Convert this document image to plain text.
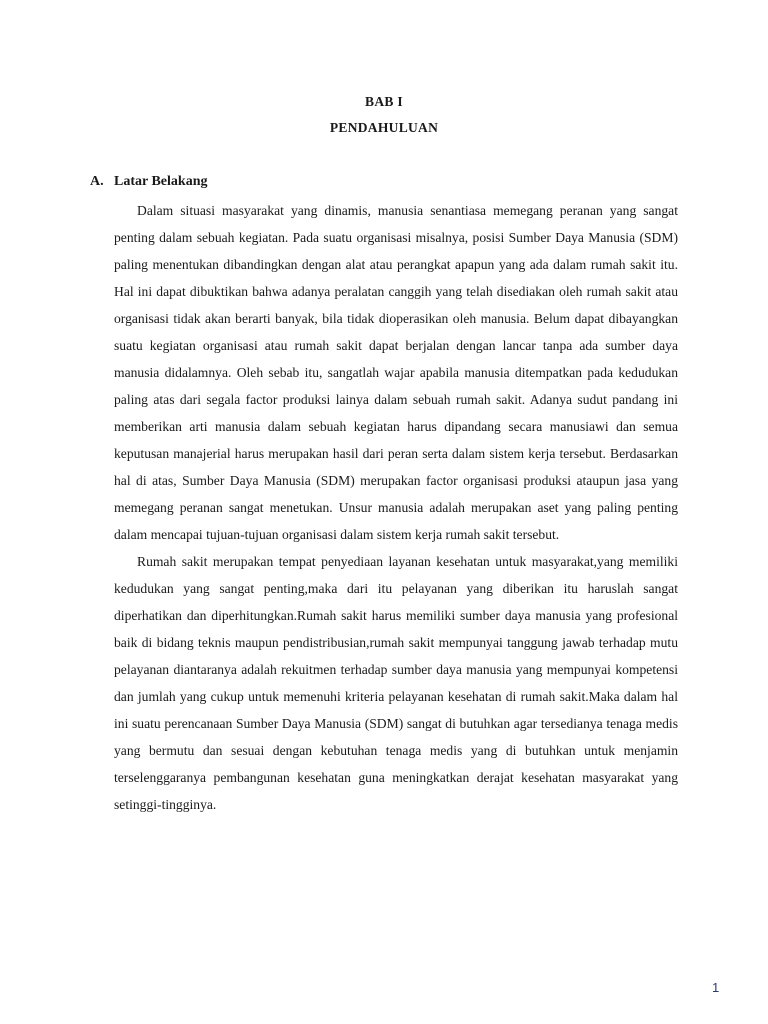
BAB I
PENDAHULUAN
A. Latar Belakang

Dalam situasi masyarakat yang dinamis, manusia senantiasa memegang peranan yang sangat penting dalam sebuah kegiatan. Pada suatu organisasi misalnya, posisi Sumber Daya Manusia (SDM) paling menentukan dibandingkan dengan alat atau perangkat apapun yang ada dalam rumah sakit itu. Hal ini dapat dibuktikan bahwa adanya peralatan canggih yang telah disediakan oleh rumah sakit atau organisasi tidak akan berarti banyak, bila tidak dioperasikan oleh manusia. Belum dapat dibayangkan suatu kegiatan organisasi atau rumah sakit dapat berjalan dengan lancar tanpa ada sumber daya manusia didalamnya. Oleh sebab itu, sangatlah wajar apabila manusia ditempatkan pada kedudukan paling atas dari segala factor produksi lainya dalam sebuah rumah sakit. Adanya sudut pandang ini memberikan arti manusia dalam sebuah kegiatan harus dipandang secara manusiawi dan semua keputusan manajerial harus merupakan hasil dari peran serta dalam sistem kerja tersebut. Berdasarkan hal di atas, Sumber Daya Manusia (SDM) merupakan factor organisasi produksi ataupun jasa yang memegang peranan sangat menetukan. Unsur manusia adalah merupakan aset yang paling penting dalam mencapai tujuan-tujuan organisasi dalam sistem kerja rumah sakit tersebut.

Rumah sakit merupakan tempat penyediaan layanan kesehatan untuk masyarakat,yang memiliki kedudukan yang sangat penting,maka dari itu pelayanan yang diberikan itu haruslah sangat diperhatikan dan diperhitungkan.Rumah sakit harus memiliki sumber daya manusia yang profesional baik di bidang teknis maupun pendistribusian,rumah sakit mempunyai tanggung jawab terhadap mutu pelayanan diantaranya adalah rekuitmen terhadap sumber daya manusia yang mempunyai kompetensi dan jumlah yang cukup untuk memenuhi kriteria pelayanan kesehatan di rumah sakit.Maka dalam hal ini suatu perencanaan Sumber Daya Manusia (SDM) sangat di butuhkan agar tersedianya tenaga medis yang bermutu dan sesuai dengan kebutuhan tenaga medis yang di butuhkan untuk menjamin terselenggaranya pembangunan kesehatan guna meningkatkan derajat kesehatan masyarakat yang setinggi-tingginya.

1
